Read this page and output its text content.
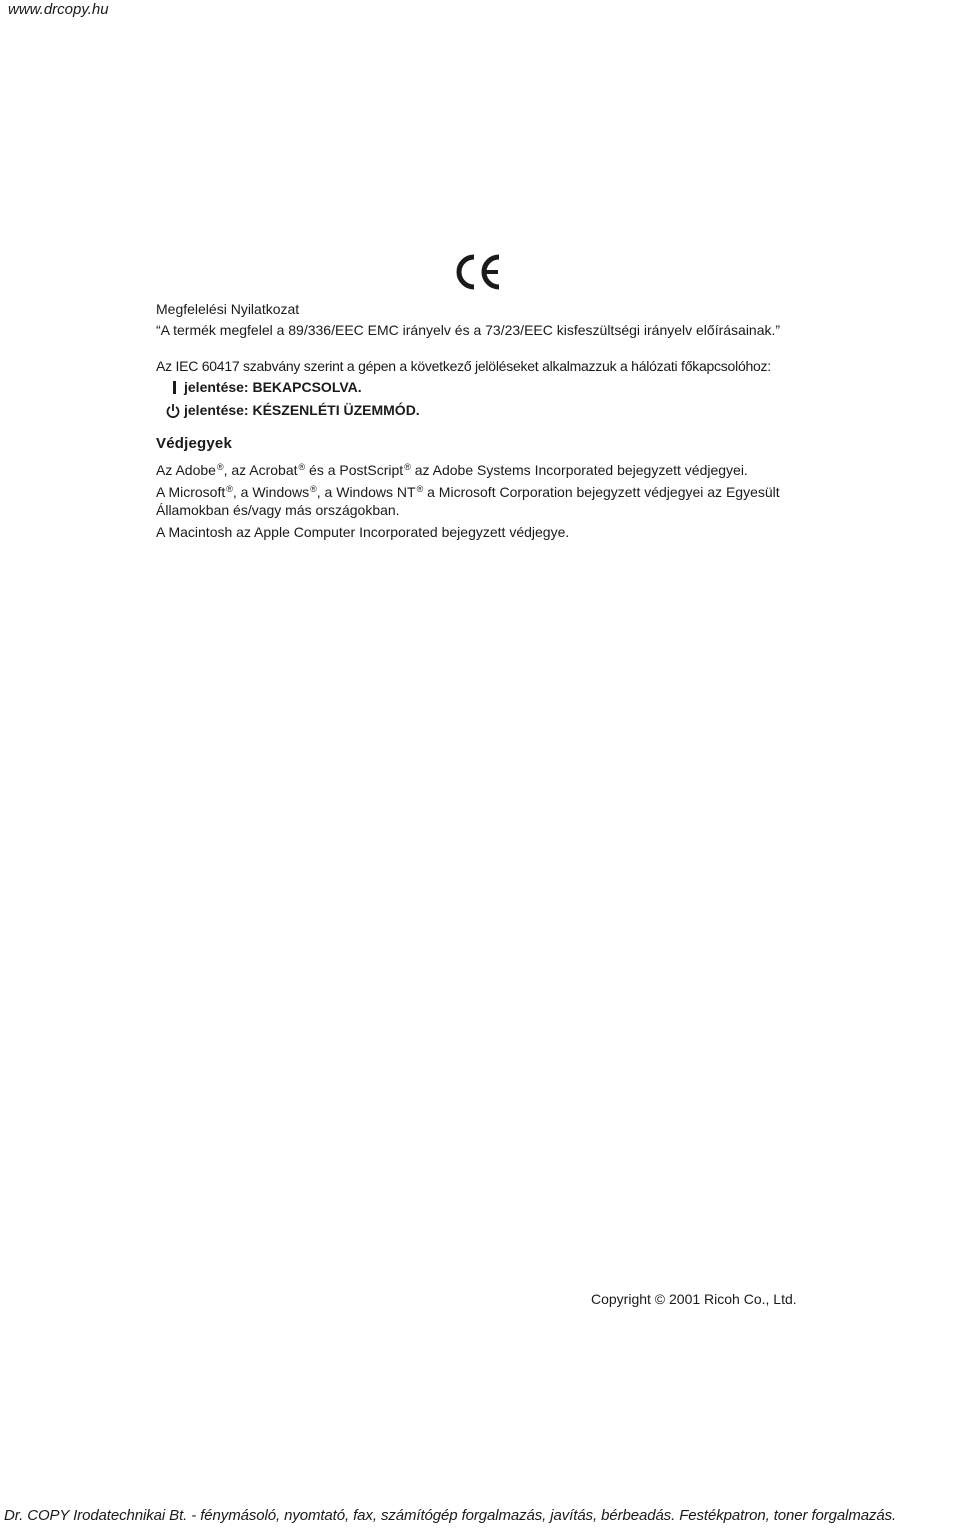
www.drcopy.hu
Megfelelési Nyilatkozat
“A termék megfelel a 89/336/EEC EMC irányelv és a 73/23/EEC kisfeszültségi irányelv előírásainak.”
Az IEC 60417 szabvány szerint a gépen a következő jelöléseket alkalmazzuk a hálózati főkapcsolóhoz:
jelentése: BEKAPCSOLVA.
jelentése: KÉSZENLÉTI ÜZEMMÓD.
Védjegyek
Az Adobe®, az Acrobat® és a PostScript® az Adobe Systems Incorporated bejegyzett védjegyei.
A Microsoft®, a Windows®, a Windows NT® a Microsoft Corporation bejegyzett védjegyei az Egyesült
Államokban és/vagy más országokban.
A Macintosh az Apple Computer Incorporated bejegyzett védjegye.
Copyright © 2001 Ricoh Co., Ltd.
Dr. COPY Irodatechnikai Bt. - fénymásoló, nyomtató, fax, számítógép forgalmazás, javítás, bérbeadás. Festékpatron, toner forgalmazás.
